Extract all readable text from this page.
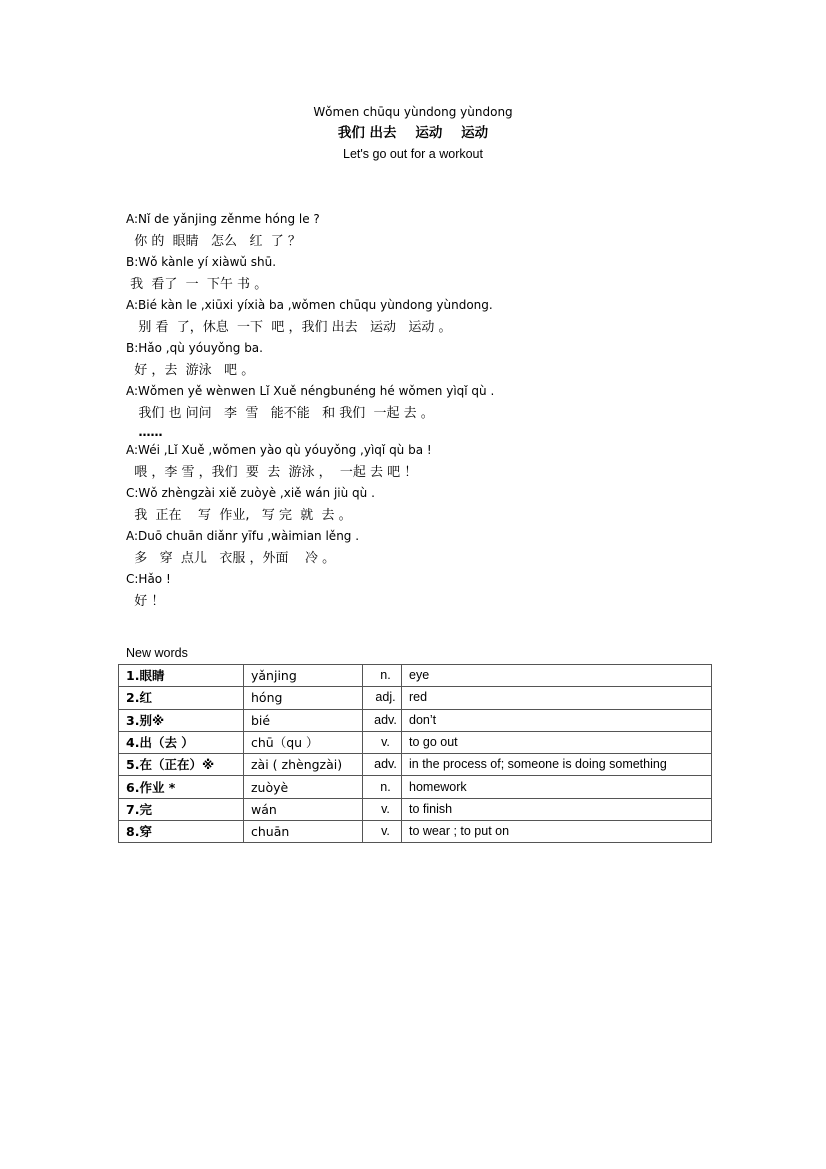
Wǒmen chūqu yùndong yùndong
我们 出去    运动    运动
Let's go out for a workout
A:Nǐ de yǎnjing zěnme hóng le ?
你 的  眼睛   怎么   红  了 ？
B:Wǒ kànle yí xiàwǔ shū.
我  看了  一  下午 书 。
A:Bié kàn le ,xiūxi yíxià ba ,wǒmen chūqu yùndong yùndong.
别 看  了，休息  一下  吧 ，我们 出去   运动   运动 。
B:Hǎo ,qù yóuyǒng ba.
好 ，去  游泳   吧 。
A:Wǒmen yě wènwen Lǐ Xuě néngbunéng hé wǒmen yìqǐ qù .
我们 也 问问   李  雪   能不能   和 我们  一起 去 。
……
A:Wéi ,Lǐ Xuě ,wǒmen yào qù yóuyǒng ,yìqǐ qù ba !
喂 ，李 雪 ，我们  要  去  游泳 ，  一起 去 吧 ！
C:Wǒ zhèngzài xiě zuòyè ,xiě wán jiù qù .
我  正在    写  作业,   写 完  就  去 。
A:Duō chuān diǎnr yīfu ,wàimian lěng .
多   穿  点儿   衣服 ，外面    冷 。
C:Hǎo !
好 ！
New words
1.眼睛	yǎnjing	n.	eye
2.红	hóng	adj.	red
3.别※	bié	adv.	don’t
4.出（去 ）	chū（qu ）	v.	to go out
5.在（正在）※	zài ( zhèngzài)	adv.	in the process of; someone is doing something
6.作业 *	zuòyè	n.	homework
7.完	wán	v.	to finish
8.穿	chuān	v.	to wear ; to put on
